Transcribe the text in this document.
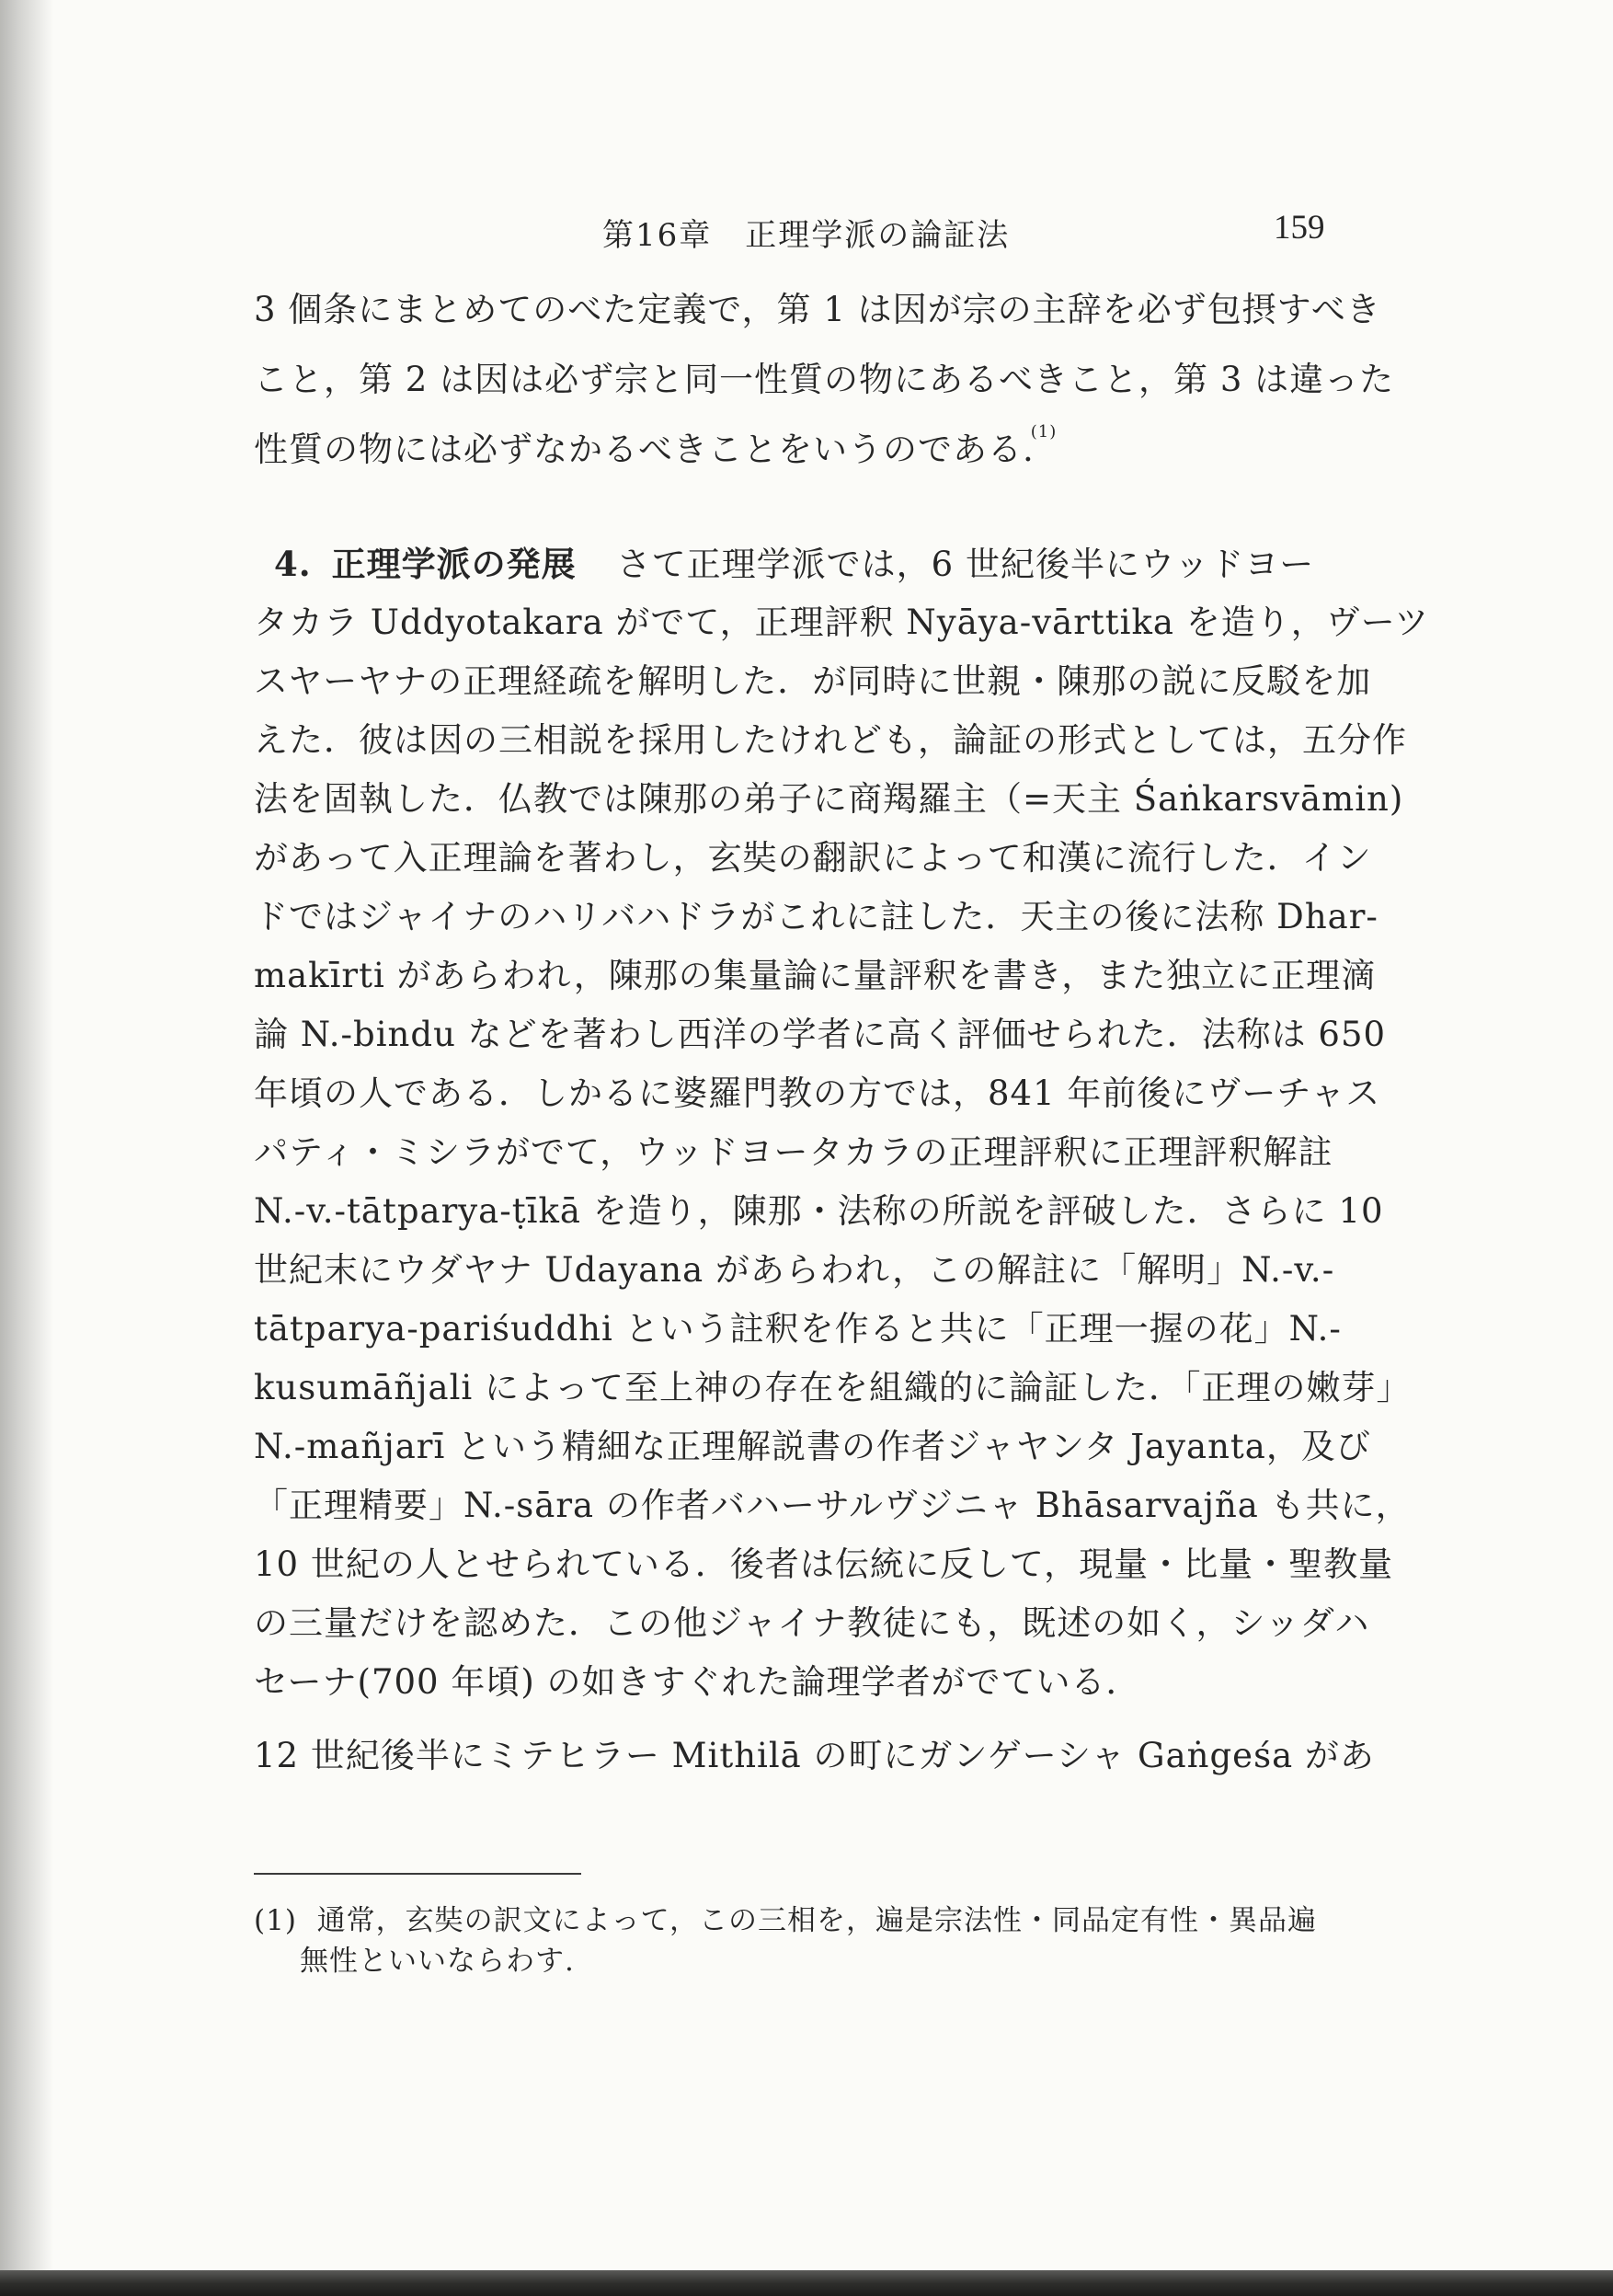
第16章　正理学派の論証法	159
3 個条にまとめてのべた定義で，第 1 は因が宗の主辞を必ず包摂すべき
こと，第 2 は因は必ず宗と同一性質の物にあるべきこと，第 3 は違った
性質の物には必ずなかるべきことをいうのである.$^{(1)}$
4. 正理学派の発展 さて正理学派では，6 世紀後半にウッドヨー
タカラ Uddyotakara がでて，正理評釈 Nyāya-vārttika を造り，ヴーツ
スヤーヤナの正理経疏を解明した．が同時に世親・陳那の説に反駁を加
えた．彼は因の三相説を採用したけれども，論証の形式としては，五分作
法を固執した．仏教では陳那の弟子に商羯羅主（=天主 Śaṅkarsvāmin)
があって入正理論を著わし，玄奘の翻訳によって和漢に流行した．イン
ドではジャイナのハリバハドラがこれに註した．天主の後に法称 Dhar-
makīrti があらわれ，陳那の集量論に量評釈を書き，また独立に正理滴
論 N.-bindu などを著わし西洋の学者に高く評価せられた．法称は 650
年頃の人である．しかるに婆羅門教の方では，841 年前後にヴーチャス
パティ・ミシラがでて，ウッドヨータカラの正理評釈に正理評釈解註
N.-v.-tātparya-ṭīkā を造り，陳那・法称の所説を評破した．さらに 10
世紀末にウダヤナ Udayana があらわれ，この解註に「解明」N.-v.-
tātparya-pariśuddhi という註釈を作ると共に「正理一握の花」N.-
kusumāñjali によって至上神の存在を組織的に論証した．「正理の嫩芽」
N.-mañjarī という精細な正理解説書の作者ジャヤンタ Jayanta，及び
「正理精要」N.-sāra の作者バハーサルヴジニャ Bhāsarvajña も共に，
10 世紀の人とせられている．後者は伝統に反して，現量・比量・聖教量
の三量だけを認めた．この他ジャイナ教徒にも，既述の如く，シッダハ
セーナ(700 年頃) の如きすぐれた論理学者がでている．
12 世紀後半にミテヒラー Mithilā の町にガンゲーシャ Gaṅgeśa があ
(1) 通常，玄奘の訳文によって，この三相を，遍是宗法性・同品定有性・異品遍
無性といいならわす.
